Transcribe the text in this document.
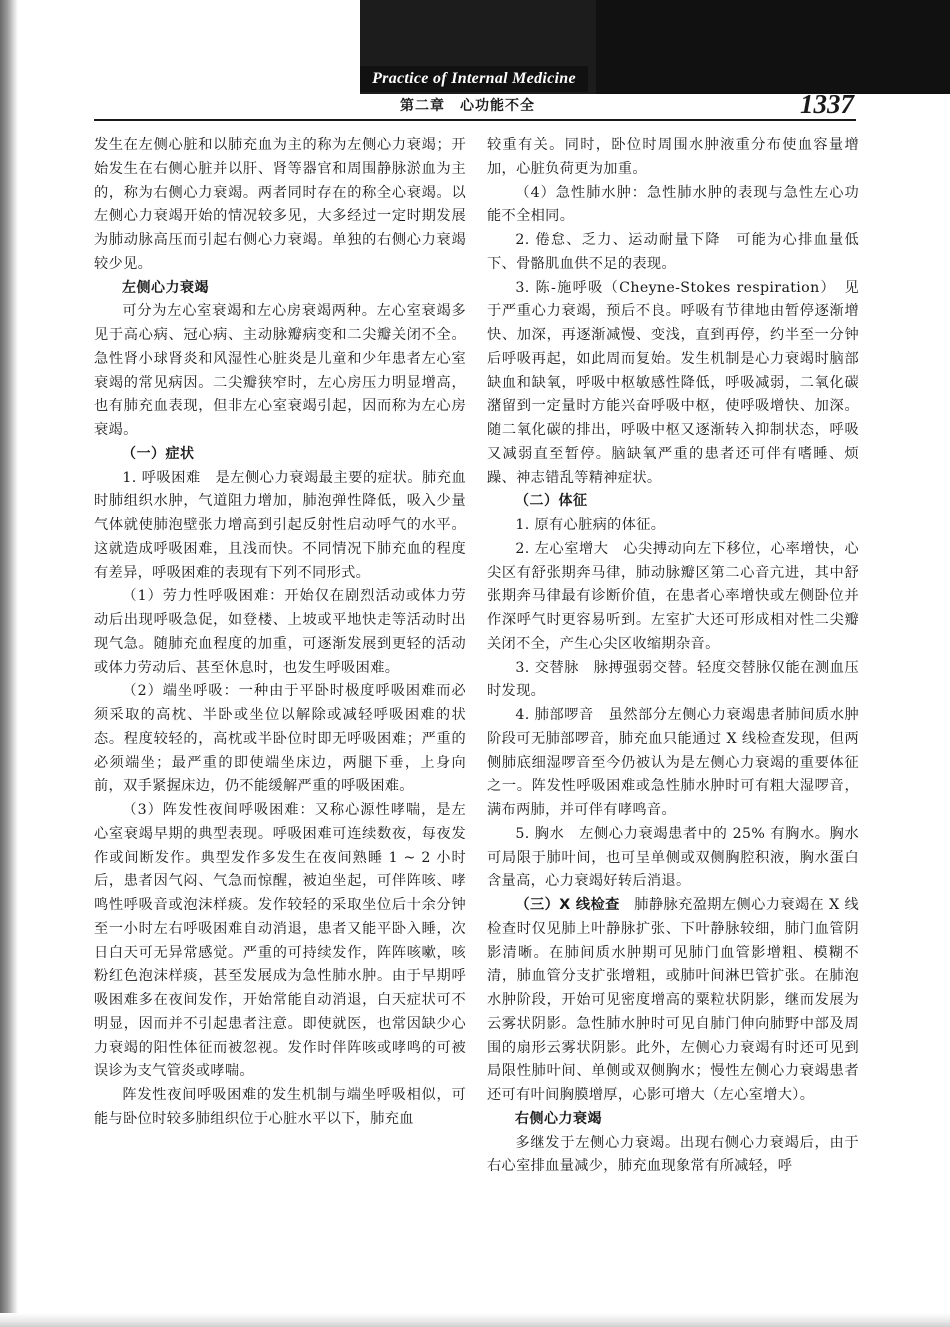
Practice of Internal Medicine
第二章　心功能不全	1337

发生在左侧心脏和以肺充血为主的称为左侧心力衰竭；开始发生在右侧心脏并以肝、肾等器官和周围静脉淤血为主的，称为右侧心力衰竭。两者同时存在的称全心衰竭。以左侧心力衰竭开始的情况较多见，大多经过一定时期发展为肺动脉高压而引起右侧心力衰竭。单独的右侧心力衰竭较少见。

左侧心力衰竭

可分为左心室衰竭和左心房衰竭两种。左心室衰竭多见于高心病、冠心病、主动脉瓣病变和二尖瓣关闭不全。急性肾小球肾炎和风湿性心脏炎是儿童和少年患者左心室衰竭的常见病因。二尖瓣狭窄时，左心房压力明显增高，也有肺充血表现，但非左心室衰竭引起，因而称为左心房衰竭。

（一）症状

1. 呼吸困难　是左侧心力衰竭最主要的症状。肺充血时肺组织水肿，气道阻力增加，肺泡弹性降低，吸入少量气体就使肺泡壁张力增高到引起反射性启动呼气的水平。这就造成呼吸困难，且浅而快。不同情况下肺充血的程度有差异，呼吸困难的表现有下列不同形式。

（1）劳力性呼吸困难：开始仅在剧烈活动或体力劳动后出现呼吸急促，如登楼、上坡或平地快走等活动时出现气急。随肺充血程度的加重，可逐渐发展到更轻的活动或体力劳动后、甚至休息时，也发生呼吸困难。

（2）端坐呼吸：一种由于平卧时极度呼吸困难而必须采取的高枕、半卧或坐位以解除或减轻呼吸困难的状态。程度较轻的，高枕或半卧位时即无呼吸困难；严重的必须端坐；最严重的即使端坐床边，两腿下垂，上身向前，双手紧握床边，仍不能缓解严重的呼吸困难。

（3）阵发性夜间呼吸困难：又称心源性哮喘，是左心室衰竭早期的典型表现。呼吸困难可连续数夜，每夜发作或间断发作。典型发作多发生在夜间熟睡 1 ~ 2 小时后，患者因气闷、气急而惊醒，被迫坐起，可伴阵咳、哮鸣性呼吸音或泡沫样痰。发作较轻的采取坐位后十余分钟至一小时左右呼吸困难自动消退，患者又能平卧入睡，次日白天可无异常感觉。严重的可持续发作，阵阵咳嗽，咳粉红色泡沫样痰，甚至发展成为急性肺水肿。由于早期呼吸困难多在夜间发作，开始常能自动消退，白天症状可不明显，因而并不引起患者注意。即使就医，也常因缺少心力衰竭的阳性体征而被忽视。发作时伴阵咳或哮鸣的可被误诊为支气管炎或哮喘。

阵发性夜间呼吸困难的发生机制与端坐呼吸相似，可能与卧位时较多肺组织位于心脏水平以下，肺充血

较重有关。同时，卧位时周围水肿液重分布使血容量增加，心脏负荷更为加重。

（4）急性肺水肿：急性肺水肿的表现与急性左心功能不全相同。

2. 倦怠、乏力、运动耐量下降　可能为心排血量低下、骨骼肌血供不足的表现。

3. 陈-施呼吸（Cheyne-Stokes respiration）　见于严重心力衰竭，预后不良。呼吸有节律地由暂停逐渐增快、加深，再逐渐减慢、变浅，直到再停，约半至一分钟后呼吸再起，如此周而复始。发生机制是心力衰竭时脑部缺血和缺氧，呼吸中枢敏感性降低，呼吸减弱，二氧化碳潴留到一定量时方能兴奋呼吸中枢，使呼吸增快、加深。随二氧化碳的排出，呼吸中枢又逐渐转入抑制状态，呼吸又减弱直至暂停。脑缺氧严重的患者还可伴有嗜睡、烦躁、神志错乱等精神症状。

（二）体征

1. 原有心脏病的体征。

2. 左心室增大　心尖搏动向左下移位，心率增快，心尖区有舒张期奔马律，肺动脉瓣区第二心音亢进，其中舒张期奔马律最有诊断价值，在患者心率增快或左侧卧位并作深呼气时更容易听到。左室扩大还可形成相对性二尖瓣关闭不全，产生心尖区收缩期杂音。

3. 交替脉　脉搏强弱交替。轻度交替脉仅能在测血压时发现。

4. 肺部啰音　虽然部分左侧心力衰竭患者肺间质水肿阶段可无肺部啰音，肺充血只能通过 X 线检查发现，但两侧肺底细湿啰音至今仍被认为是左侧心力衰竭的重要体征之一。阵发性呼吸困难或急性肺水肿时可有粗大湿啰音，满布两肺，并可伴有哮鸣音。

5. 胸水　左侧心力衰竭患者中的 25% 有胸水。胸水可局限于肺叶间，也可呈单侧或双侧胸腔积液，胸水蛋白含量高，心力衰竭好转后消退。

（三）X 线检查　肺静脉充盈期左侧心力衰竭在 X 线检查时仅见肺上叶静脉扩张、下叶静脉较细，肺门血管阴影清晰。在肺间质水肿期可见肺门血管影增粗、模糊不清，肺血管分支扩张增粗，或肺叶间淋巴管扩张。在肺泡水肿阶段，开始可见密度增高的粟粒状阴影，继而发展为云雾状阴影。急性肺水肿时可见自肺门伸向肺野中部及周围的扇形云雾状阴影。此外，左侧心力衰竭有时还可见到局限性肺叶间、单侧或双侧胸水；慢性左侧心力衰竭患者还可有叶间胸膜增厚，心影可增大（左心室增大）。

右侧心力衰竭

多继发于左侧心力衰竭。出现右侧心力衰竭后，由于右心室排血量减少，肺充血现象常有所减轻，呼
